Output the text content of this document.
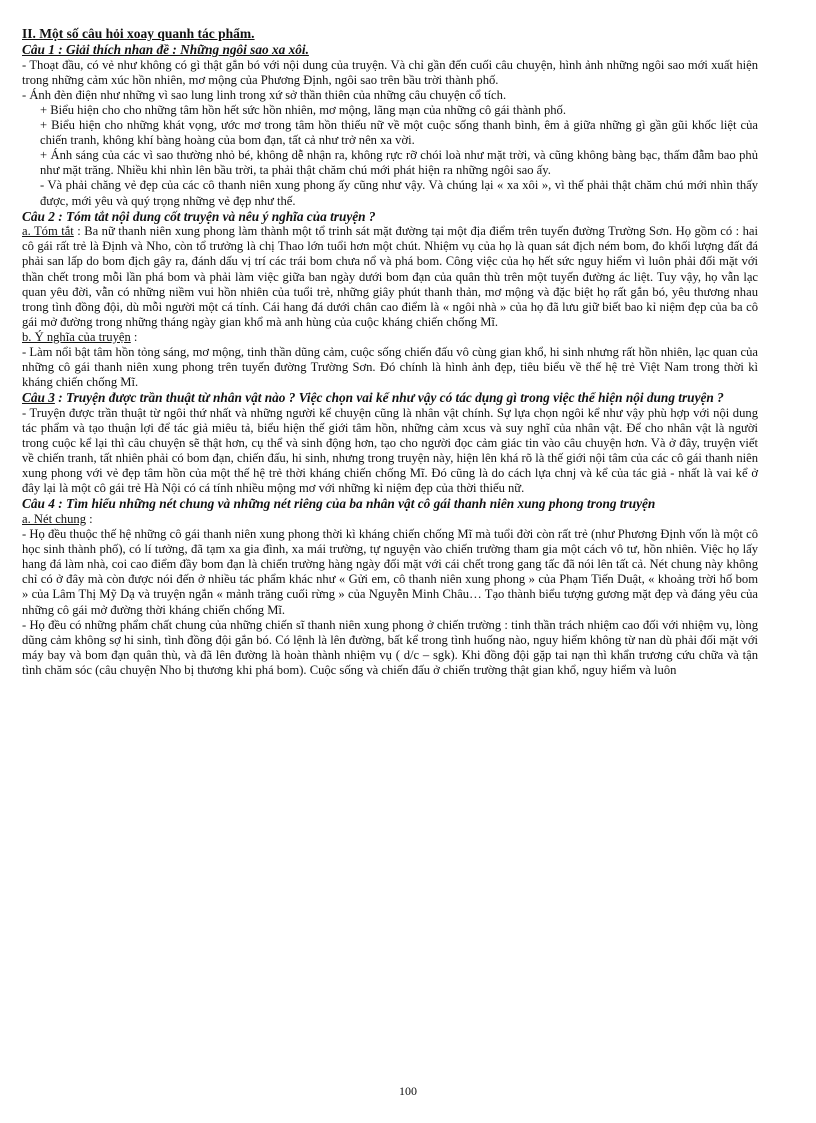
II. Một số câu hỏi xoay quanh tác phẩm.

Câu 1 : Giải thích nhan đề : Những ngôi sao xa xôi.

- Thoạt đầu, có vẻ như không có gì thật gắn bó với nội dung của truyện. Và chỉ gần đến cuối câu chuyện, hình ảnh những ngôi sao mới xuất hiện trong những cảm xúc hồn nhiên, mơ mộng của Phương Định, ngôi sao trên bầu trời thành phố.

- Ánh đèn điện như những vì sao lung linh trong xứ sở thần thiên của những câu chuyện cổ tích.

+ Biểu hiện cho cho những tâm hồn hết sức hồn nhiên, mơ mộng, lãng mạn của những cô gái thành phố.

+ Biểu hiện cho những khát vọng, ước mơ trong tâm hồn thiếu nữ về một cuộc sống thanh bình, êm ả giữa những gì gần gũi khốc liệt của chiến tranh, không khí bàng hoàng của bom đạn, tất cả như trở nên xa vời.

+ Ánh sáng của các vì sao thường nhỏ bé, không dễ nhận ra, không rực rỡ chói loà như mặt trời, và cũng không bàng bạc, thấm đẫm bao phủ như mặt trăng. Nhiều khi nhìn lên bầu trời, ta phải thật chăm chú mới phát hiện ra những ngôi sao ấy.

- Và phải chăng vẻ đẹp của các cô thanh niên xung phong ấy cũng như vậy. Và chúng lại « xa xôi », vì thế phải thật chăm chú mới nhìn thấy được, mới yêu và quý trọng những vẻ đẹp như thế.

Câu 2 : Tóm tắt nội dung cốt truyện và nêu ý nghĩa của truyện ?

a. Tóm tắt : Ba nữ thanh niên xung phong làm thành một tổ trinh sát mặt đường tại một địa điểm trên tuyến đường Trường Sơn. Họ gồm có : hai cô gái rất trẻ là Định và Nho, còn tổ trưởng là chị Thao lớn tuổi hơn một chút. Nhiệm vụ của họ là quan sát địch ném bom, đo khối lượng đất đá phải san lấp do bom địch gây ra, đánh dấu vị trí các trái bom chưa nổ và phá bom. Công việc của họ hết sức nguy hiểm vì luôn phải đối mặt với thần chết trong mỗi lần phá bom và phải làm việc giữa ban ngày dưới bom đạn của quân thù trên một tuyến đường ác liệt. Tuy vậy, họ vẫn lạc quan yêu đời, vẫn có những niềm vui hồn nhiên của tuổi trẻ, những giây phút thanh thản, mơ mộng và đặc biệt họ rất gắn bó, yêu thương nhau trong tình đồng đội, dù mỗi người một cá tính. Cái hang đá dưới chân cao điểm là « ngôi nhà » của họ đã lưu giữ biết bao kỉ niệm đẹp của ba cô gái mở đường trong những tháng ngày gian khổ mà anh hùng của cuộc kháng chiến chống Mĩ.

b. Ý nghĩa của truyện :

- Làm nổi bật tâm hồn tỏng sáng, mơ mộng, tinh thần dũng cảm, cuộc sống chiến đấu vô cùng gian khổ, hi sinh nhưng rất hồn nhiên, lạc quan của những cô gái thanh niên xung phong trên tuyến đường Trường Sơn. Đó chính là hình ảnh đẹp, tiêu biểu về thế hệ trẻ Việt Nam trong thời kì kháng chiến chống Mĩ.

Câu 3 : Truyện được trần thuật từ nhân vật nào ? Việc chọn vai kể như vậy có tác dụng gì trong việc thể hiện nội dung truyện ?

- Truyện được trần thuật từ ngôi thứ nhất và những người kể chuyện cũng là nhân vật chính. Sự lựa chọn ngôi kể như vậy phù hợp với nội dung tác phẩm và tạo thuận lợi để tác giả miêu tả, biểu hiện thế giới tâm hồn, những cảm xcus và suy nghĩ của nhân vật. Để cho nhân vật là người trong cuộc kể lại thì câu chuyện sẽ thật hơn, cụ thể và sinh động hơn, tạo cho người đọc cảm giác tin vào câu chuyện hơn. Và ở đây, truyện viết về chiến tranh, tất nhiên phải có bom đạn, chiến đấu, hi sinh, nhưng trong truyện này, hiện lên khá rõ là thế giới nội tâm của các cô gái thanh niên xung phong với vẻ đẹp tâm hồn của một thế hệ trẻ thời kháng chiến chống Mĩ. Đó cũng là do cách lựa chnj và kể của tác giả - nhất là vai kể ở đây lại là một cô gái trẻ Hà Nội có cá tính nhiều mộng mơ với những kỉ niệm đẹp của thời thiếu nữ.

Câu 4 : Tìm hiểu những nét chung và những nét riêng của ba nhân vật cô gái thanh niên xung phong trong truyện

a. Nét chung :

- Họ đều thuộc thế hệ những cô gái thanh niên xung phong thời kì kháng chiến chống Mĩ mà tuổi đời còn rất trẻ (như Phương Định vốn là một cô học sinh thành phố), có lí tưởng, đã tạm xa gia đình, xa mái trường, tự nguyện vào chiến trường tham gia một cách vô tư, hồn nhiên. Việc họ lấy hang đá làm nhà, coi cao điểm đầy bom đạn là chiến trường hàng ngày đối mặt với cái chết trong gang tấc đã nói lên tất cả. Nét chung này không chỉ có ở đây mà còn được nói đến ở nhiều tác phẩm khác như « Gửi em, cô thanh niên xung phong » của Phạm Tiến Duật, « khoảng trời hố bom » của Lâm Thị Mỹ Dạ và truyện ngắn « mảnh trăng cuối rừng » của Nguyễn Minh Châu… Tạo thành biểu tượng gương mặt đẹp và đáng yêu của những cô gái mở đường thời kháng chiến chống Mĩ.

- Họ đều có những phẩm chất chung của những chiến sĩ thanh niên xung phong ở chiến trường : tinh thần trách nhiệm cao đối với nhiệm vụ, lòng dũng cảm không sợ hi sinh, tình đồng đội gắn bó. Có lệnh là lên đường, bất kể trong tình huống nào, nguy hiểm không từ nan dù phải đối mặt với máy bay và bom đạn quân thù, và đã lên đường là hoàn thành nhiệm vụ ( d/c – sgk). Khi đồng đội gặp tai nạn thì khẩn trương cứu chữa và tận tình chăm sóc (câu chuyện Nho bị thương khi phá bom). Cuộc sống và chiến đấu ở chiến trường thật gian khổ, nguy hiểm và luôn

100
